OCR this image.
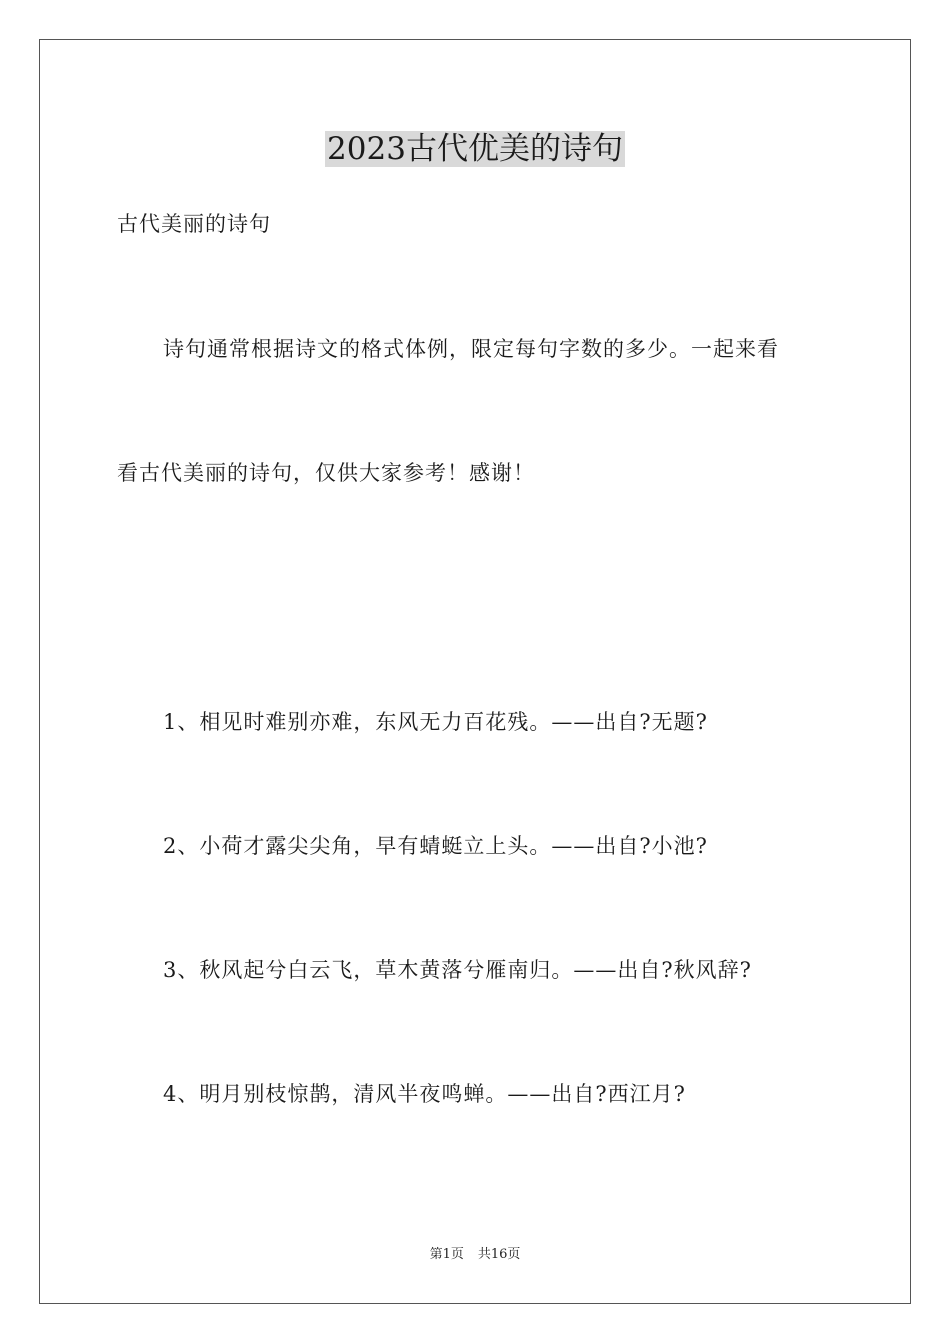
2023古代优美的诗句
古代美丽的诗句
诗句通常根据诗文的格式体例，限定每句字数的多少。一起来看
看古代美丽的诗句，仅供大家参考！感谢！
1、相见时难别亦难，东风无力百花残。——出自?无题?
2、小荷才露尖尖角，早有蜻蜓立上头。——出自?小池?
3、秋风起兮白云飞，草木黄落兮雁南归。——出自?秋风辞?
4、明月别枝惊鹊，清风半夜鸣蝉。——出自?西江月?
第1页 共16页
